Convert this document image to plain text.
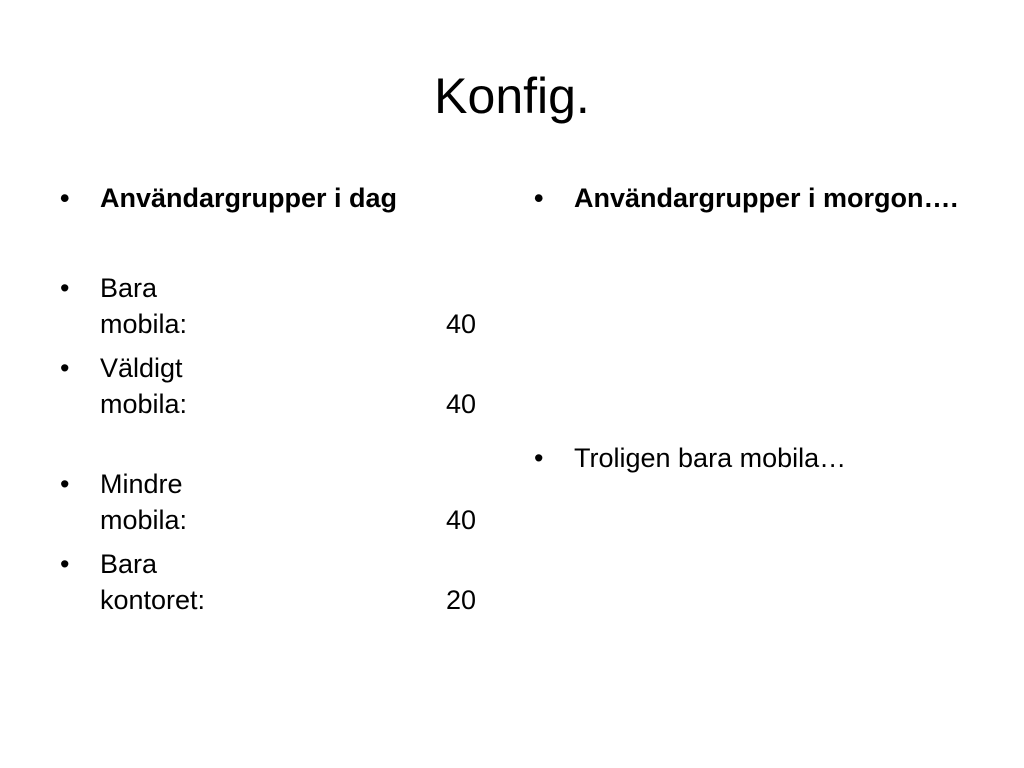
Konfig.
• Användargrupper i dag
• Bara
mobila:	40
• Väldigt
mobila:	40
• Mindre
mobila:	40
• Bara
kontoret:	20
• Användargrupper i morgon….
• Troligen bara mobila…
